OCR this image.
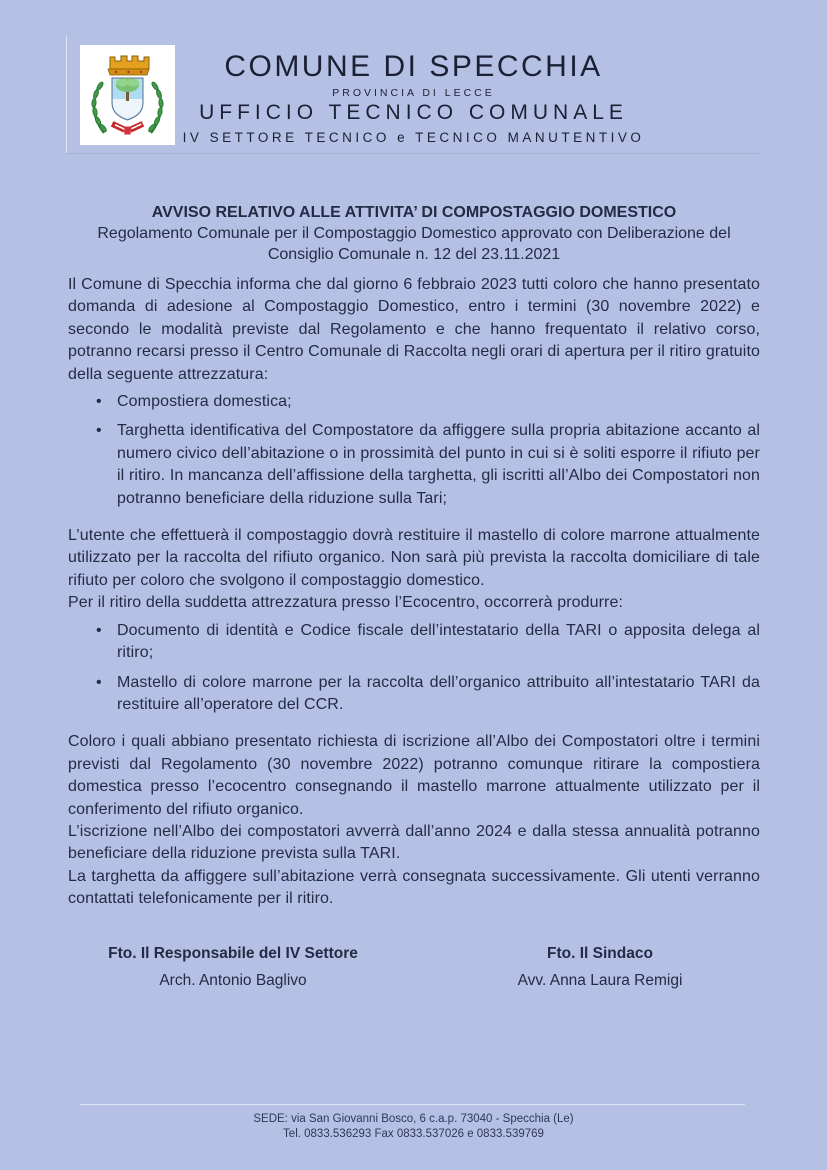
COMUNE DI SPECCHIA
PROVINCIA DI LECCE
UFFICIO TECNICO COMUNALE
IV SETTORE TECNICO e TECNICO MANUTENTIVO
AVVISO RELATIVO ALLE ATTIVITA’ DI COMPOSTAGGIO DOMESTICO
Regolamento Comunale per il Compostaggio Domestico approvato con Deliberazione del Consiglio Comunale n. 12 del 23.11.2021

Il Comune di Specchia informa che dal giorno 6 febbraio 2023 tutti coloro che hanno presentato domanda di adesione al Compostaggio Domestico, entro i termini (30 novembre 2022) e secondo le modalità previste dal Regolamento e che hanno frequentato il relativo corso, potranno recarsi presso il Centro Comunale di Raccolta negli orari di apertura per il ritiro gratuito della seguente attrezzatura:

• Compostiera domestica;
• Targhetta identificativa del Compostatore da affiggere sulla propria abitazione accanto al numero civico dell’abitazione o in prossimità del punto in cui si è soliti esporre il rifiuto per il ritiro. In mancanza dell’affissione della targhetta, gli iscritti all’Albo dei Compostatori non potranno beneficiare della riduzione sulla Tari;

L’utente che effettuerà il compostaggio dovrà restituire il mastello di colore marrone attualmente utilizzato per la raccolta del rifiuto organico. Non sarà più prevista la raccolta domiciliare di tale rifiuto per coloro che svolgono il compostaggio domestico.

Per il ritiro della suddetta attrezzatura presso l’Ecocentro, occorrerà produrre:

• Documento di identità e Codice fiscale dell’intestatario della TARI o apposita delega al ritiro;
• Mastello di colore marrone per la raccolta dell’organico attribuito all’intestatario TARI da restituire all’operatore del CCR.

Coloro i quali abbiano presentato richiesta di iscrizione all’Albo dei Compostatori oltre i termini previsti dal Regolamento (30 novembre 2022) potranno comunque ritirare la compostiera domestica presso l’ecocentro consegnando il mastello marrone attualmente utilizzato per il conferimento del rifiuto organico.

L’iscrizione nell’Albo dei compostatori avverrà dall’anno 2024 e dalla stessa annualità potranno beneficiare della riduzione prevista sulla TARI.

La targhetta da affiggere sull’abitazione verrà consegnata successivamente. Gli utenti verranno contattati telefonicamente per il ritiro.

Fto. Il Responsabile del IV Settore
Arch. Antonio Baglivo
Fto. Il Sindaco
Avv. Anna Laura Remigi
SEDE: via San Giovanni Bosco, 6 c.a.p. 73040 - Specchia (Le)
Tel. 0833.536293 Fax 0833.537026 e 0833.539769
